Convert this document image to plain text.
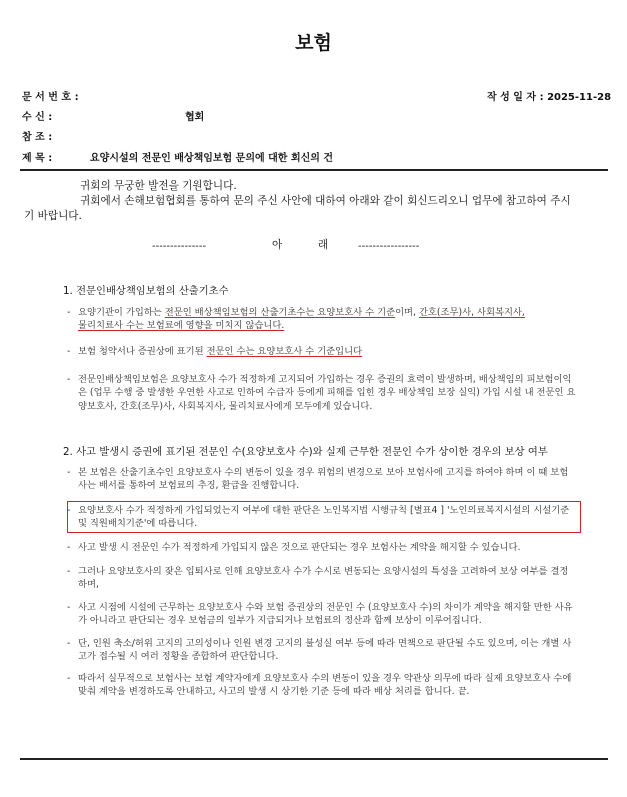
보험
문 서 번 호 :	작 성 일 자 : 2025-11-28
수 신 :	협회
참 조 :
제 목 :	요양시설의 전문인 배상책임보험 문의에 대한 회신의 건
귀회의 무궁한 발전을 기원합니다.
귀회에서 손해보험협회를 통하여 문의 주신 사안에 대하여 아래와 같이 회신드리오니 업무에 참고하여 주시
기 바랍니다.
---------------	아	래	-----------------
1. 전문인배상책임보험의 산출기초수
- 요양기관이 가입하는 전문인 배상책임보험의 산출기초수는 요양보호사 수 기준이며, 간호(조무)사, 사회복지사,
물리치료사 수는 보험료에 영향을 미치지 않습니다.
- 보험 청약서나 증권상에 표기된 전문인 수는 요양보호사 수 기준입니다
- 전문인배상책임보험은 요양보호사 수가 적정하게 고지되어 가입하는 경우 증권의 효력이 발생하며, 배상책임의 피보험이익은 (업무 수행 중 발생한 우연한 사고로 인하여 수급자 등에게 피해를 입힌 경우 배상책임 보장 실익) 가입 시설 내 전문인 요양보호사, 간호(조무)사, 사회복지사, 물리치료사에게 모두에게 있습니다.
2. 사고 발생시 증권에 표기된 전문인 수(요양보호사 수)와 실제 근무한 전문인 수가 상이한 경우의 보상 여부
- 본 보험은 산출기초수인 요양보호사 수의 변동이 있을 경우 위험의 변경으로 보아 보험사에 고지를 하여야 하며 이 때 보험사는 배서를 통하여 보험료의 추징, 환급을 진행합니다.
- 요양보호사 수가 적정하게 가입되었는지 여부에 대한 판단은 노인복지법 시행규칙 [별표4 ] '노인의료복지시설의 시설기준 및 직원배치기준'에 따릅니다.
- 사고 발생 시 전문인 수가 적정하게 가입되지 않은 것으로 판단되는 경우 보험사는 계약을 해지할 수 있습니다.
- 그러나 요양보호사의 잦은 입퇴사로 인해 요양보호사 수가 수시로 변동되는 요양시설의 특성을 고려하여 보상 여부를 결정하며,
- 사고 시점에 시설에 근무하는 요양보호사 수와 보험 증권상의 전문인 수 (요양보호사 수)의 차이가 계약을 해지할 만한 사유가 아니라고 판단되는 경우 보험금의 일부가 지급되거나 보험료의 정산과 함께 보상이 이루어집니다.
- 단, 인원 축소/허위 고지의 고의성이나 인원 변경 고지의 불성실 여부 등에 따라 면책으로 판단될 수도 있으며, 이는 개별 사고가 접수될 시 여러 정황을 종합하여 판단합니다.
- 따라서 실무적으로 보험사는 보험 계약자에게 요양보호사 수의 변동이 있을 경우 약관상 의무에 따라 실제 요양보호사 수에 맞춰 계약을 변경하도록 안내하고, 사고의 발생 시 상기한 기준 등에 따라 배상 처리를 합니다. 끝.
